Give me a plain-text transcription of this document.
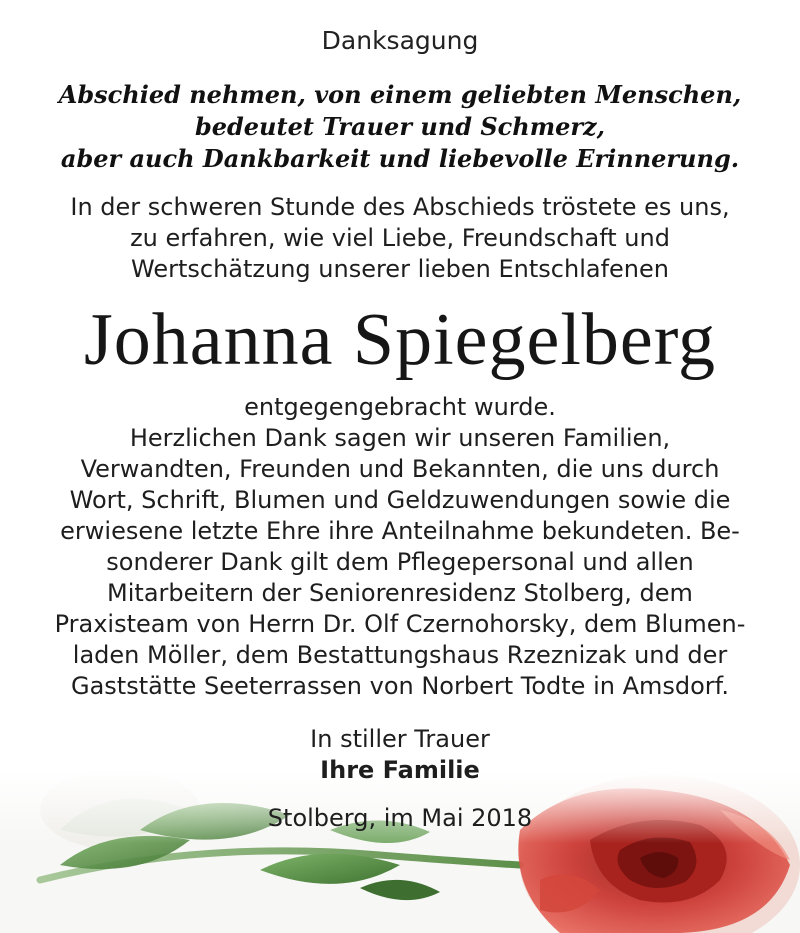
Danksagung
Abschied nehmen, von einem geliebten Menschen,
bedeutet Trauer und Schmerz,
aber auch Dankbarkeit und liebevolle Erinnerung.
In der schweren Stunde des Abschieds tröstete es uns,
zu erfahren, wie viel Liebe, Freundschaft und
Wertschätzung unserer lieben Entschlafenen
Johanna Spiegelberg
entgegengebracht wurde.
Herzlichen Dank sagen wir unseren Familien,
Verwandten, Freunden und Bekannten, die uns durch
Wort, Schrift, Blumen und Geldzuwendungen sowie die
erwiesene letzte Ehre ihre Anteilnahme bekundeten. Be-
sonderer Dank gilt dem Pflegepersonal und allen
Mitarbeitern der Seniorenresidenz Stolberg, dem
Praxisteam von Herrn Dr. Olf Czernohorsky, dem Blumen-
laden Möller, dem Bestattungshaus Rzeznizak und der
Gaststätte Seeterrassen von Norbert Todte in Amsdorf.
In stiller Trauer
Ihre Familie
Stolberg, im Mai 2018
